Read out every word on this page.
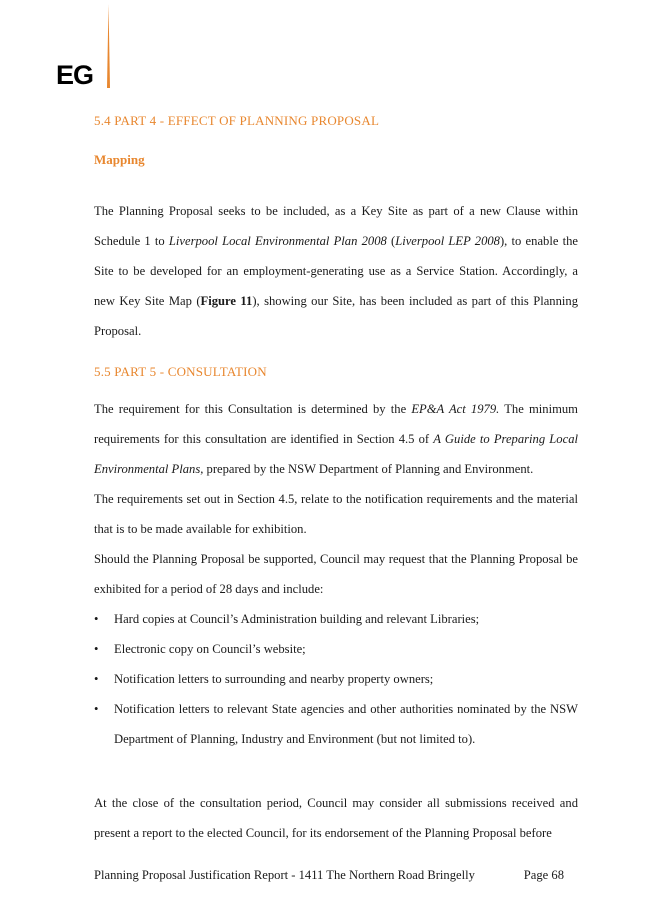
EG
5.4 PART 4 - EFFECT OF PLANNING PROPOSAL
Mapping
The Planning Proposal seeks to be included, as a Key Site as part of a new Clause within Schedule 1 to Liverpool Local Environmental Plan 2008 (Liverpool LEP 2008), to enable the Site to be developed for an employment-generating use as a Service Station. Accordingly, a new Key Site Map (Figure 11), showing our Site, has been included as part of this Planning Proposal.
5.5 PART 5 - CONSULTATION
The requirement for this Consultation is determined by the EP&A Act 1979. The minimum requirements for this consultation are identified in Section 4.5 of A Guide to Preparing Local Environmental Plans, prepared by the NSW Department of Planning and Environment.
The requirements set out in Section 4.5, relate to the notification requirements and the material that is to be made available for exhibition.
Should the Planning Proposal be supported, Council may request that the Planning Proposal be exhibited for a period of 28 days and include:
• Hard copies at Council’s Administration building and relevant Libraries;
• Electronic copy on Council’s website;
• Notification letters to surrounding and nearby property owners;
• Notification letters to relevant State agencies and other authorities nominated by the NSW Department of Planning, Industry and Environment (but not limited to).
At the close of the consultation period, Council may consider all submissions received and present a report to the elected Council, for its endorsement of the Planning Proposal before
Planning Proposal Justification Report - 1411 The Northern Road Bringelly	Page 68
